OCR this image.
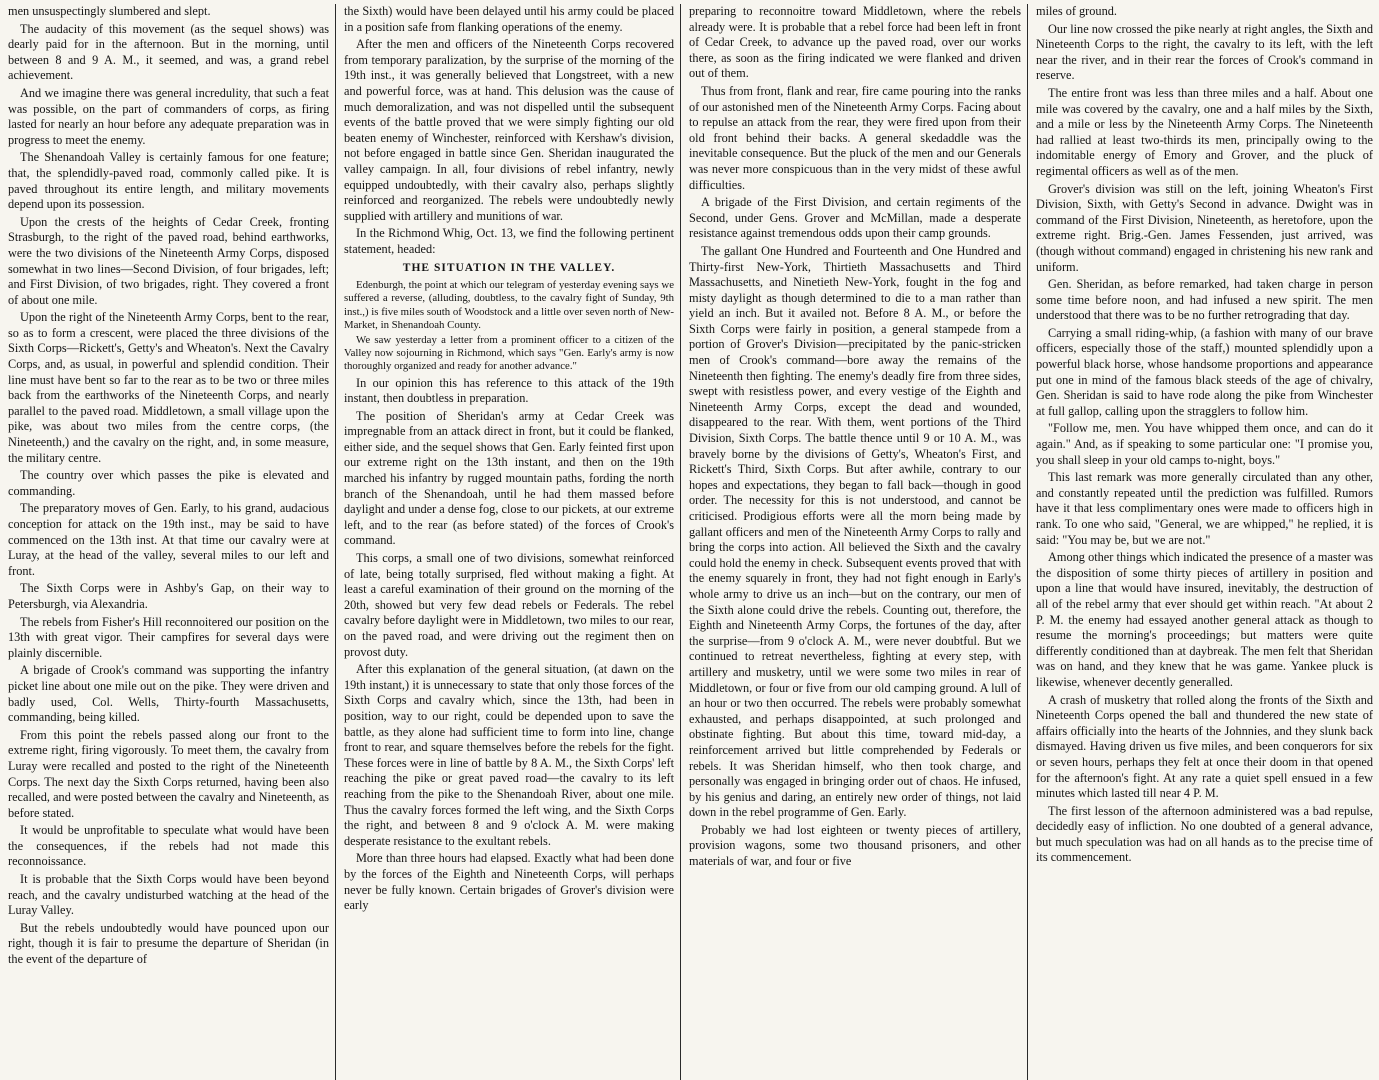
men unsuspectingly slumbered and slept.

The audacity of this movement (as the sequel shows) was dearly paid for in the afternoon. But in the morning, until between 8 and 9 A. M., it seemed, and was, a grand rebel achievement.

And we imagine there was general incredulity, that such a feat was possible, on the part of commanders of corps, as firing lasted for nearly an hour before any adequate preparation was in progress to meet the enemy.

The Shenandoah Valley is certainly famous for one feature; that, the splendidly-paved road, commonly called pike. It is paved throughout its entire length, and military movements depend upon its possession.

Upon the crests of the heights of Cedar Creek, fronting Strasburgh, to the right of the paved road, behind earthworks, were the two divisions of the Nineteenth Army Corps, disposed somewhat in two lines—Second Division, of four brigades, left; and First Division, of two brigades, right. They covered a front of about one mile.

Upon the right of the Nineteenth Army Corps, bent to the rear, so as to form a crescent, were placed the three divisions of the Sixth Corps—Rickett's, Getty's and Wheaton's. Next the Cavalry Corps, and, as usual, in powerful and splendid condition. Their line must have bent so far to the rear as to be two or three miles back from the earthworks of the Nineteenth Corps, and nearly parallel to the paved road. Middletown, a small village upon the pike, was about two miles from the centre corps, (the Nineteenth,) and the cavalry on the right, and, in some measure, the military centre.

The country over which passes the pike is elevated and commanding.

The preparatory moves of Gen. Early, to his grand, audacious conception for attack on the 19th inst., may be said to have commenced on the 13th inst. At that time our cavalry were at Luray, at the head of the valley, several miles to our left and front.

The Sixth Corps were in Ashby's Gap, on their way to Petersburgh, via Alexandria.

The rebels from Fisher's Hill reconnoitered our position on the 13th with great vigor. Their campfires for several days were plainly discernible.

A brigade of Crook's command was supporting the infantry picket line about one mile out on the pike. They were driven and badly used, Col. Wells, Thirty-fourth Massachusetts, commanding, being killed.

From this point the rebels passed along our front to the extreme right, firing vigorously. To meet them, the cavalry from Luray were recalled and posted to the right of the Nineteenth Corps. The next day the Sixth Corps returned, having been also recalled, and were posted between the cavalry and Nineteenth, as before stated.

It would be unprofitable to speculate what would have been the consequences, if the rebels had not made this reconnoissance.

It is probable that the Sixth Corps would have been beyond reach, and the cavalry undisturbed watching at the head of the Luray Valley.

But the rebels undoubtedly would have pounced upon our right, though it is fair to presume the departure of Sheridan (in the event of the departure of

the Sixth) would have been delayed until his army could be placed in a position safe from flanking operations of the enemy.

After the men and officers of the Nineteenth Corps recovered from temporary paralization, by the surprise of the morning of the 19th inst., it was generally believed that Longstreet, with a new and powerful force, was at hand. This delusion was the cause of much demoralization, and was not dispelled until the subsequent events of the battle proved that we were simply fighting our old beaten enemy of Winchester, reinforced with Kershaw's division, not before engaged in battle since Gen. Sheridan inaugurated the valley campaign. In all, four divisions of rebel infantry, newly equipped undoubtedly, with their cavalry also, perhaps slightly reinforced and reorganized. The rebels were undoubtedly newly supplied with artillery and munitions of war.

In the Richmond Whig, Oct. 13, we find the following pertinent statement, headed:

THE SITUATION IN THE VALLEY.

Edenburgh, the point at which our telegram of yesterday evening says we suffered a reverse, (alluding, doubtless, to the cavalry fight of Sunday, 9th inst.,) is five miles south of Woodstock and a little over seven north of New-Market, in Shenandoah County.

We saw yesterday a letter from a prominent officer to a citizen of the Valley now sojourning in Richmond, which says "Gen. Early's army is now thoroughly organized and ready for another advance."

In our opinion this has reference to this attack of the 19th instant, then doubtless in preparation.

The position of Sheridan's army at Cedar Creek was impregnable from an attack direct in front, but it could be flanked, either side, and the sequel shows that Gen. Early feinted first upon our extreme right on the 13th instant, and then on the 19th marched his infantry by rugged mountain paths, fording the north branch of the Shenandoah, until he had them massed before daylight and under a dense fog, close to our pickets, at our extreme left, and to the rear (as before stated) of the forces of Crook's command.

This corps, a small one of two divisions, somewhat reinforced of late, being totally surprised, fled without making a fight. At least a careful examination of their ground on the morning of the 20th, showed but very few dead rebels or Federals. The rebel cavalry before daylight were in Middletown, two miles to our rear, on the paved road, and were driving out the regiment then on provost duty.

After this explanation of the general situation, (at dawn on the 19th instant,) it is unnecessary to state that only those forces of the Sixth Corps and cavalry which, since the 13th, had been in position, way to our right, could be depended upon to save the battle, as they alone had sufficient time to form into line, change front to rear, and square themselves before the rebels for the fight. These forces were in line of battle by 8 A. M., the Sixth Corps' left reaching the pike or great paved road—the cavalry to its left reaching from the pike to the Shenandoah River, about one mile. Thus the cavalry forces formed the left wing, and the Sixth Corps the right, and between 8 and 9 o'clock A. M. were making desperate resistance to the exultant rebels.

More than three hours had elapsed. Exactly what had been done by the forces of the Eighth and Nineteenth Corps, will perhaps never be fully known. Certain brigades of Grover's division were early

preparing to reconnoitre toward Middletown, where the rebels already were. It is probable that a rebel force had been left in front of Cedar Creek, to advance up the paved road, over our works there, as soon as the firing indicated we were flanked and driven out of them.

Thus from front, flank and rear, fire came pouring into the ranks of our astonished men of the Nineteenth Army Corps. Facing about to repulse an attack from the rear, they were fired upon from their old front behind their backs. A general skedaddle was the inevitable consequence. But the pluck of the men and our Generals was never more conspicuous than in the very midst of these awful difficulties.

A brigade of the First Division, and certain regiments of the Second, under Gens. Grover and McMillan, made a desperate resistance against tremendous odds upon their camp grounds.

The gallant One Hundred and Fourteenth and One Hundred and Thirty-first New-York, Thirtieth Massachusetts and Third Massachusetts, and Ninetieth New-York, fought in the fog and misty daylight as though determined to die to a man rather than yield an inch. But it availed not. Before 8 A. M., or before the Sixth Corps were fairly in position, a general stampede from a portion of Grover's Division—precipitated by the panic-stricken men of Crook's command—bore away the remains of the Nineteenth then fighting. The enemy's deadly fire from three sides, swept with resistless power, and every vestige of the Eighth and Nineteenth Army Corps, except the dead and wounded, disappeared to the rear. With them, went portions of the Third Division, Sixth Corps. The battle thence until 9 or 10 A. M., was bravely borne by the divisions of Getty's, Wheaton's First, and Rickett's Third, Sixth Corps. But after awhile, contrary to our hopes and expectations, they began to fall back—though in good order. The necessity for this is not understood, and cannot be criticised. Prodigious efforts were all the morn being made by gallant officers and men of the Nineteenth Army Corps to rally and bring the corps into action. All believed the Sixth and the cavalry could hold the enemy in check. Subsequent events proved that with the enemy squarely in front, they had not fight enough in Early's whole army to drive us an inch—but on the contrary, our men of the Sixth alone could drive the rebels. Counting out, therefore, the Eighth and Nineteenth Army Corps, the fortunes of the day, after the surprise—from 9 o'clock A. M., were never doubtful. But we continued to retreat nevertheless, fighting at every step, with artillery and musketry, until we were some two miles in rear of Middletown, or four or five from our old camping ground. A lull of an hour or two then occurred. The rebels were probably somewhat exhausted, and perhaps disappointed, at such prolonged and obstinate fighting. But about this time, toward mid-day, a reinforcement arrived but little comprehended by Federals or rebels. It was Sheridan himself, who then took charge, and personally was engaged in bringing order out of chaos. He infused, by his genius and daring, an entirely new order of things, not laid down in the rebel programme of Gen. Early.

Probably we had lost eighteen or twenty pieces of artillery, provision wagons, some two thousand prisoners, and other materials of war, and four or five

miles of ground.

Our line now crossed the pike nearly at right angles, the Sixth and Nineteenth Corps to the right, the cavalry to its left, with the left near the river, and in their rear the forces of Crook's command in reserve.

The entire front was less than three miles and a half. About one mile was covered by the cavalry, one and a half miles by the Sixth, and a mile or less by the Nineteenth Army Corps. The Nineteenth had rallied at least two-thirds its men, principally owing to the indomitable energy of Emory and Grover, and the pluck of regimental officers as well as of the men.

Grover's division was still on the left, joining Wheaton's First Division, Sixth, with Getty's Second in advance. Dwight was in command of the First Division, Nineteenth, as heretofore, upon the extreme right. Brig.-Gen. James Fessenden, just arrived, was (though without command) engaged in christening his new rank and uniform.

Gen. Sheridan, as before remarked, had taken charge in person some time before noon, and had infused a new spirit. The men understood that there was to be no further retrograding that day.

Carrying a small riding-whip, (a fashion with many of our brave officers, especially those of the staff,) mounted splendidly upon a powerful black horse, whose handsome proportions and appearance put one in mind of the famous black steeds of the age of chivalry, Gen. Sheridan is said to have rode along the pike from Winchester at full gallop, calling upon the stragglers to follow him.

"Follow me, men. You have whipped them once, and can do it again." And, as if speaking to some particular one: "I promise you, you shall sleep in your old camps to-night, boys."

This last remark was more generally circulated than any other, and constantly repeated until the prediction was fulfilled. Rumors have it that less complimentary ones were made to officers high in rank. To one who said, "General, we are whipped," he replied, it is said: "You may be, but we are not."

Among other things which indicated the presence of a master was the disposition of some thirty pieces of artillery in position and upon a line that would have insured, inevitably, the destruction of all of the rebel army that ever should get within reach. "At about 2 P. M. the enemy had essayed another general attack as though to resume the morning's proceedings; but matters were quite differently conditioned than at daybreak. The men felt that Sheridan was on hand, and they knew that he was game. Yankee pluck is likewise, whenever decently generalled.

A crash of musketry that rolled along the fronts of the Sixth and Nineteenth Corps opened the ball and thundered the new state of affairs officially into the hearts of the Johnnies, and they slunk back dismayed. Having driven us five miles, and been conquerors for six or seven hours, perhaps they felt at once their doom in that opened for the afternoon's fight. At any rate a quiet spell ensued in a few minutes which lasted till near 4 P. M.

The first lesson of the afternoon administered was a bad repulse, decidedly easy of infliction. No one doubted of a general advance, but much speculation was had on all hands as to the precise time of its commencement.
